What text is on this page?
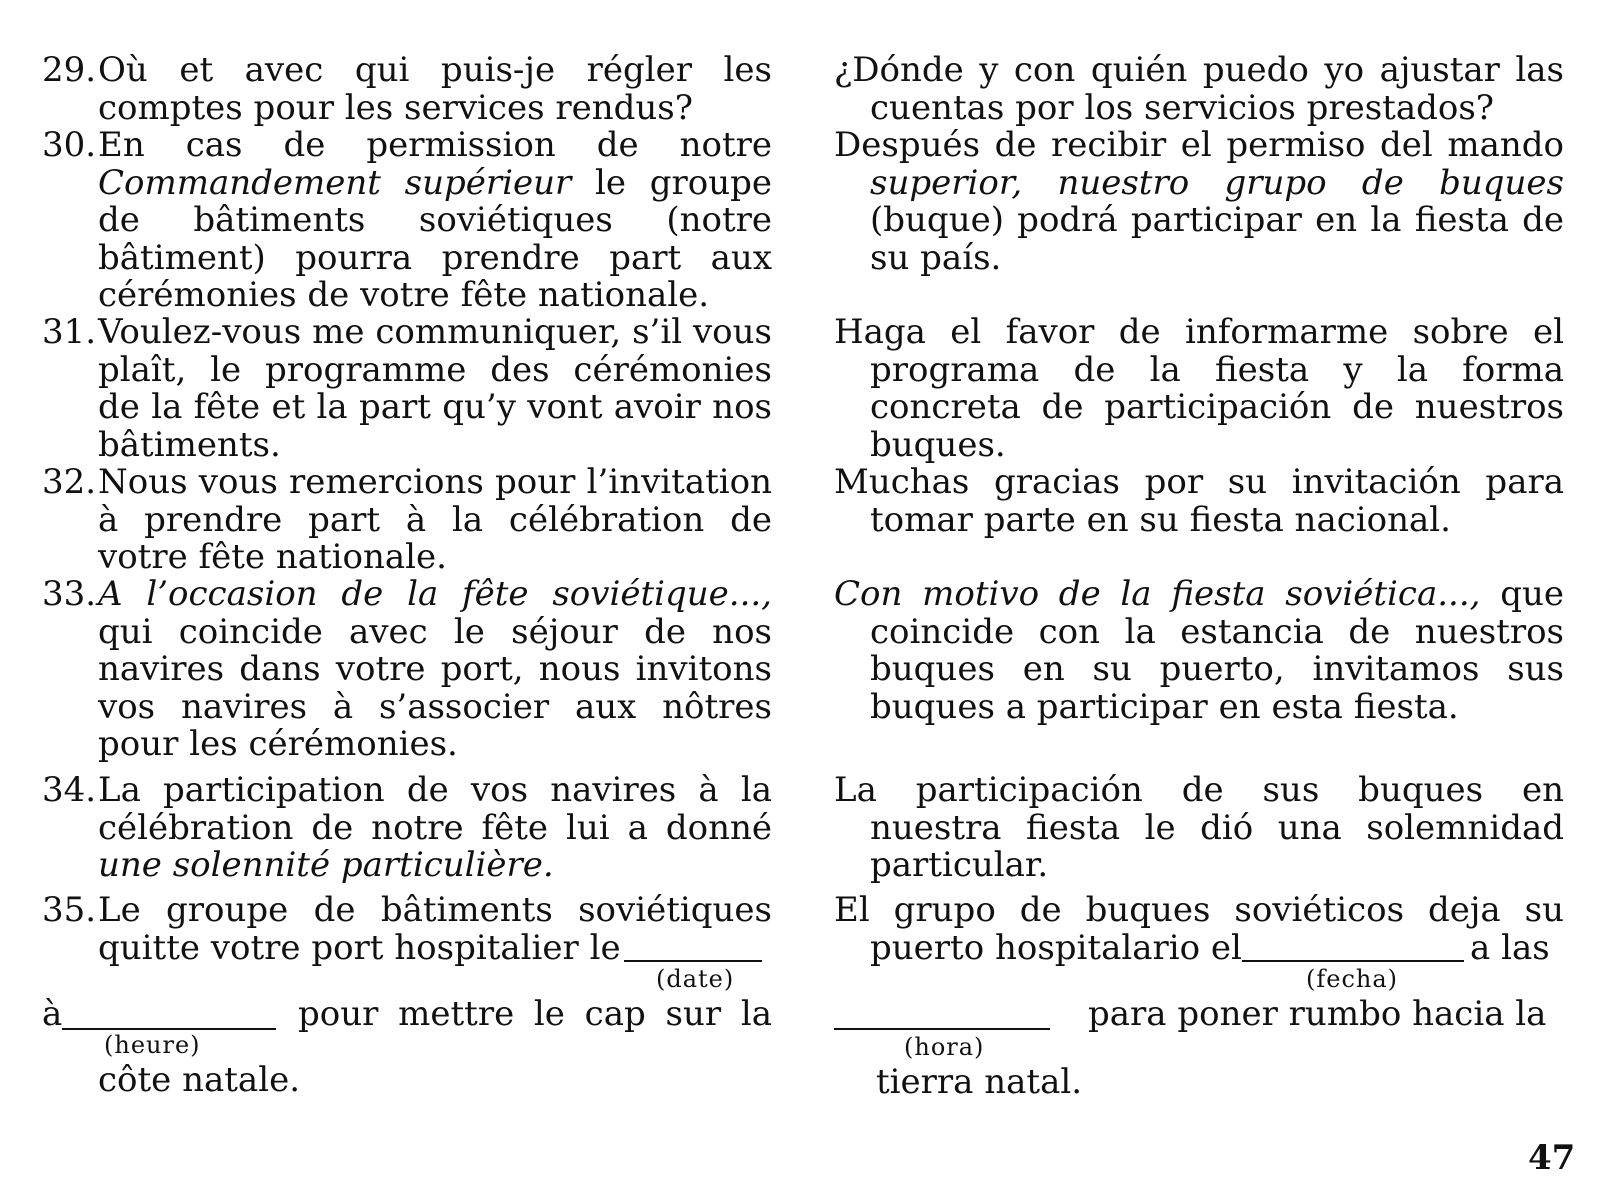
29. Où et avec qui puis-je régler les comptes pour les services rendus?
30. En cas de permission de notre Commandement supérieur le groupe de bâtiments soviétiques (notre bâtiment) pourra prendre part aux cérémonies de votre fête nationale.
31. Voulez-vous me communiquer, s’il vous plaît, le programme des cérémonies de la fête et la part qu’y vont avoir nos bâtiments.
32. Nous vous remercions pour l’invitation à prendre part à la célébration de votre fête nationale.
33. A l’occasion de la fête soviétique..., qui coincide avec le séjour de nos navires dans votre port, nous invitons vos navires à s’associer aux nôtres pour les cérémonies.
34. La participation de vos navires à la célébration de notre fête lui a donné une solennité particulière.
35. Le groupe de bâtiments soviétiques
quitte votre port hospitalier le
(date)
à	pour mettre le cap sur la
(heure)
côte natale.
¿Dónde y con quién puedo yo ajustar las cuentas por los servicios prestados?
Después de recibir el permiso del mando superior, nuestro grupo de buques (buque) podrá participar en la fiesta de su país.
Haga el favor de informarme sobre el programa de la fiesta y la forma concreta de participación de nuestros buques.
Muchas gracias por su invitación para tomar parte en su fiesta nacional.
Con motivo de la fiesta soviética..., que coincide con la estancia de nuestros buques en su puerto, invitamos sus buques a participar en esta fiesta.
La participación de sus buques en nuestra fiesta le dió una solemnidad particular.
El grupo de buques soviéticos deja su
puerto hospitalario el	a las
(fecha)
para poner rumbo hacia la
(hora)
tierra natal.
47
